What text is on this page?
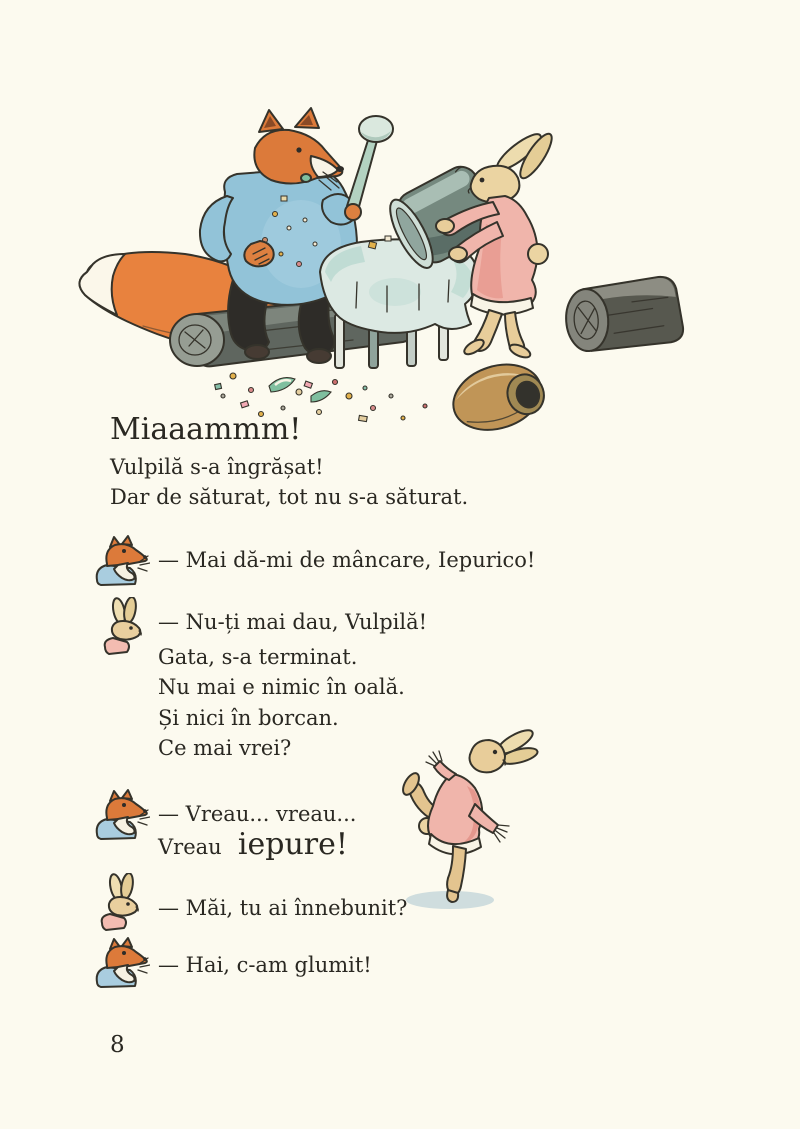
Miaaammm!
Vulpilă s-a îngrășat!
Dar de săturat, tot nu s-a săturat.
— Mai dă-mi de mâncare, Iepurico!
— Nu-ți mai dau, Vulpilă!
Gata, s-a terminat.
Nu mai e nimic în oală.
Și nici în borcan.
Ce mai vrei?
— Vreau... vreau...
Vreau  iepure!
— Măi, tu ai înnebunit?
— Hai, c-am glumit!
8
